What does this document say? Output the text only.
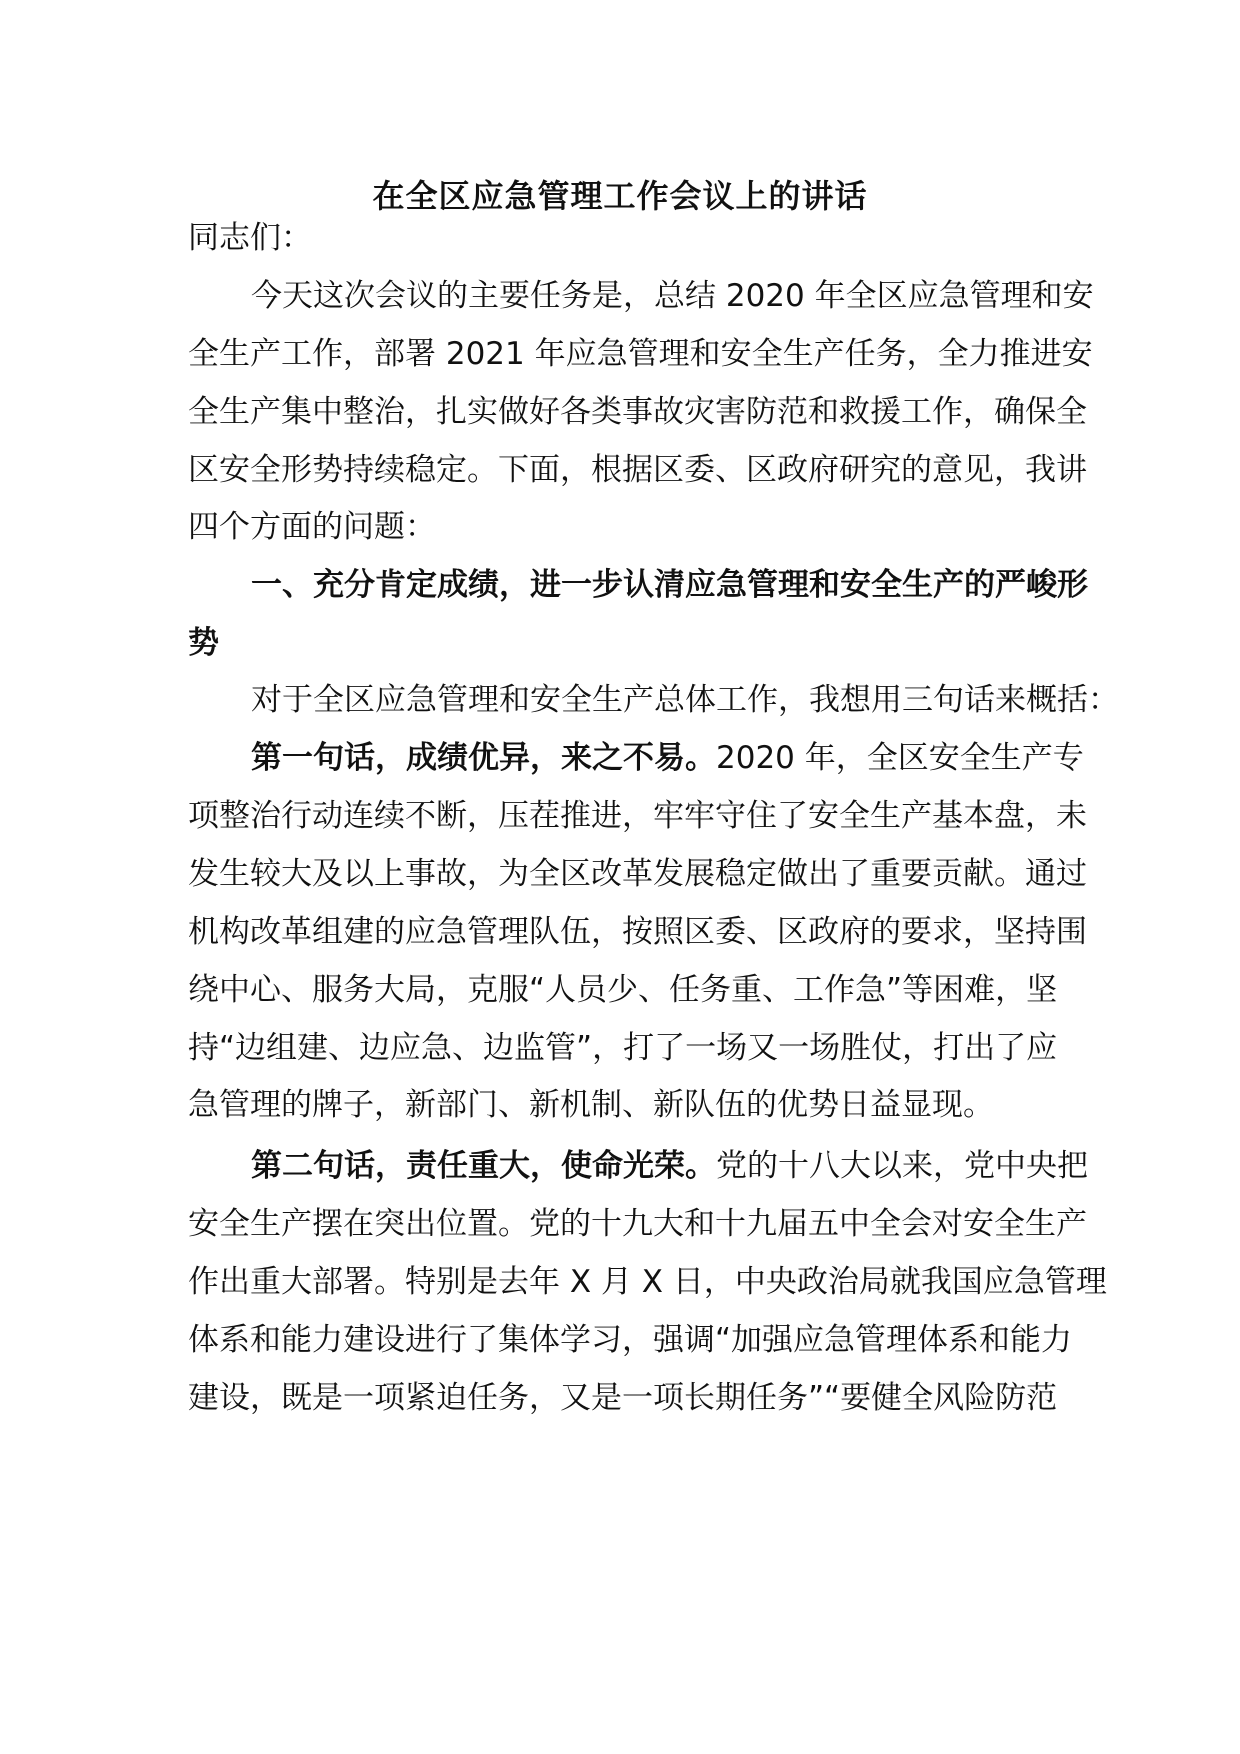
在全区应急管理工作会议上的讲话
同志们：
今天这次会议的主要任务是，总结 2020 年全区应急管理和安
全生产工作，部署 2021 年应急管理和安全生产任务，全力推进安
全生产集中整治，扎实做好各类事故灾害防范和救援工作，确保全
区安全形势持续稳定。下面，根据区委、区政府研究的意见，我讲
四个方面的问题：
一、充分肯定成绩，进一步认清应急管理和安全生产的严峻形
势
对于全区应急管理和安全生产总体工作，我想用三句话来概括：
第一句话，成绩优异，来之不易。2020 年，全区安全生产专
项整治行动连续不断，压茬推进，牢牢守住了安全生产基本盘，未
发生较大及以上事故，为全区改革发展稳定做出了重要贡献。通过
机构改革组建的应急管理队伍，按照区委、区政府的要求，坚持围
绕中心、服务大局，克服“人员少、任务重、工作急”等困难，坚
持“边组建、边应急、边监管”，打了一场又一场胜仗，打出了应
急管理的牌子，新部门、新机制、新队伍的优势日益显现。
第二句话，责任重大，使命光荣。党的十八大以来，党中央把
安全生产摆在突出位置。党的十九大和十九届五中全会对安全生产
作出重大部署。特别是去年 X 月 X 日，中央政治局就我国应急管理
体系和能力建设进行了集体学习，强调“加强应急管理体系和能力
建设，既是一项紧迫任务，又是一项长期任务”“要健全风险防范
